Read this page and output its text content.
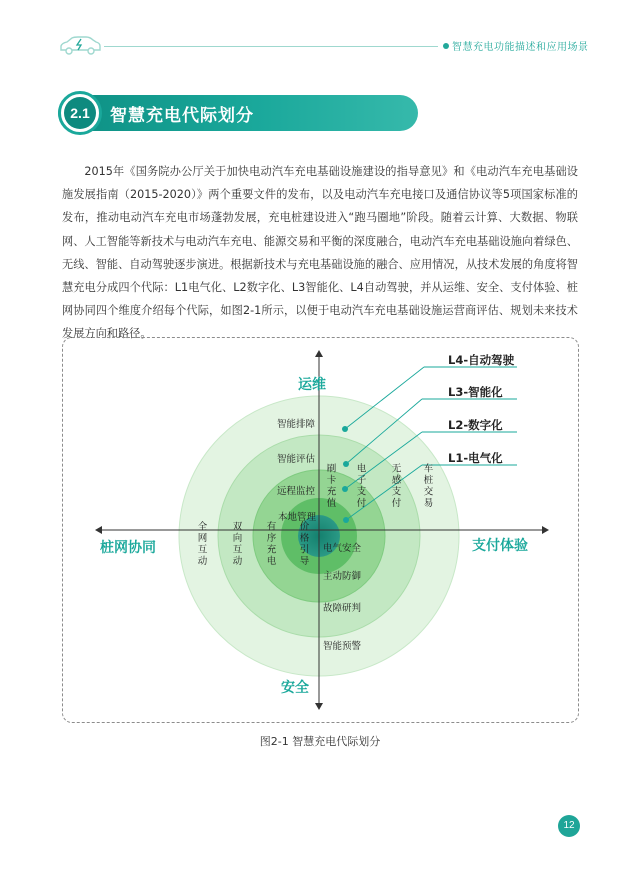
智慧充电功能描述和应用场景
2.1	智慧充电代际划分

2015年《国务院办公厅关于加快电动汽车充电基础设施建设的指导意见》和《电动汽车充电基础设施发展指南（2015-2020）》两个重要文件的发布，以及电动汽车充电接口及通信协议等5项国家标准的发布，推动电动汽车充电市场蓬勃发展，充电桩建设进入“跑马圈地”阶段。随着云计算、大数据、物联网、人工智能等新技术与电动汽车充电、能源交易和平衡的深度融合，电动汽车充电基础设施向着绿色、无线、智能、自动驾驶逐步演进。根据新技术与充电基础设施的融合、应用情况，从技术发展的角度将智慧充电分成四个代际：L1电气化、L2数字化、L3智能化、L4自动驾驶，并从运维、安全、支付体验、桩网协同四个维度介绍每个代际，如图2-1所示，以便于电动汽车充电基础设施运营商评估、规划未来技术发展方向和路径。

运维
安全
桩网协同	支付体验
L4-自动驾驶
L3-智能化
L2-数字化
L1-电气化
智能排障
智能评估
远程监控
本地管理
电气安全
主动防御
故障研判
智能预警
全网互动	双向互动 有序充电 价格引导
刷卡充值 电子支付	无感支付 车桩交易
图2-1 智慧充电代际划分
12
